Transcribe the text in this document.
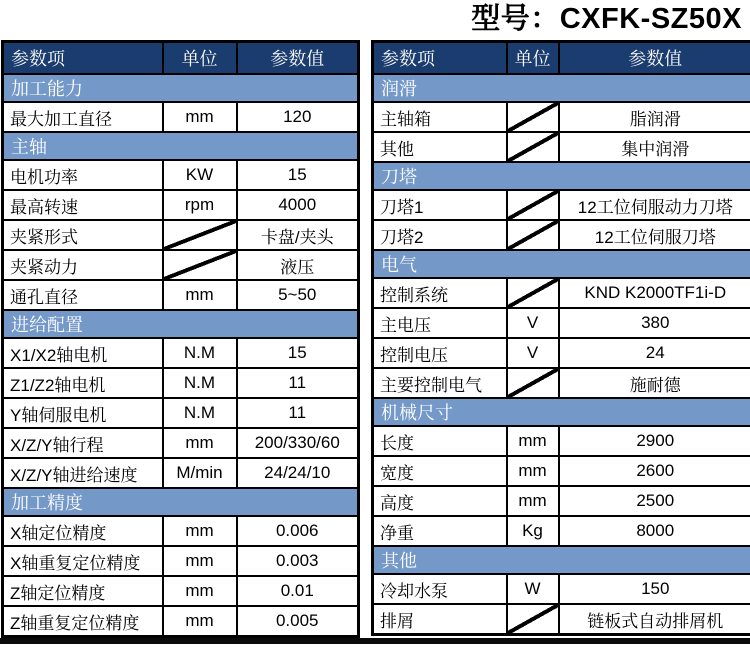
型号：CXFK-SZ50X
参数项	单位	参数值
加工能力		
最大加工直径	mm	120
主轴		
电机功率	KW	15
最高转速	rpm	4000
夹紧形式		卡盘/夹头
夹紧动力		液压
通孔直径	mm	5~50
进给配置		
X1/X2轴电机	N.M	15
Z1/Z2轴电机	N.M	11
Y轴伺服电机	N.M	11
X/Z/Y轴行程	mm	200/330/60
X/Z/Y轴进给速度	M/min	24/24/10
加工精度		
X轴定位精度	mm	0.006
X轴重复定位精度	mm	0.003
Z轴定位精度	mm	0.01
Z轴重复定位精度	mm	0.005
参数项	单位	参数值
润滑		
主轴箱		脂润滑
其他		集中润滑
刀塔		
刀塔1		12工位伺服动力刀塔
刀塔2		12工位伺服刀塔
电气		
控制系统		KND K2000TF1i-D
主电压	V	380
控制电压	V	24
主要控制电气		施耐德
机械尺寸		
长度	mm	2900
宽度	mm	2600
高度	mm	2500
净重	Kg	8000
其他		
冷却水泵	W	150
排屑		链板式自动排屑机
